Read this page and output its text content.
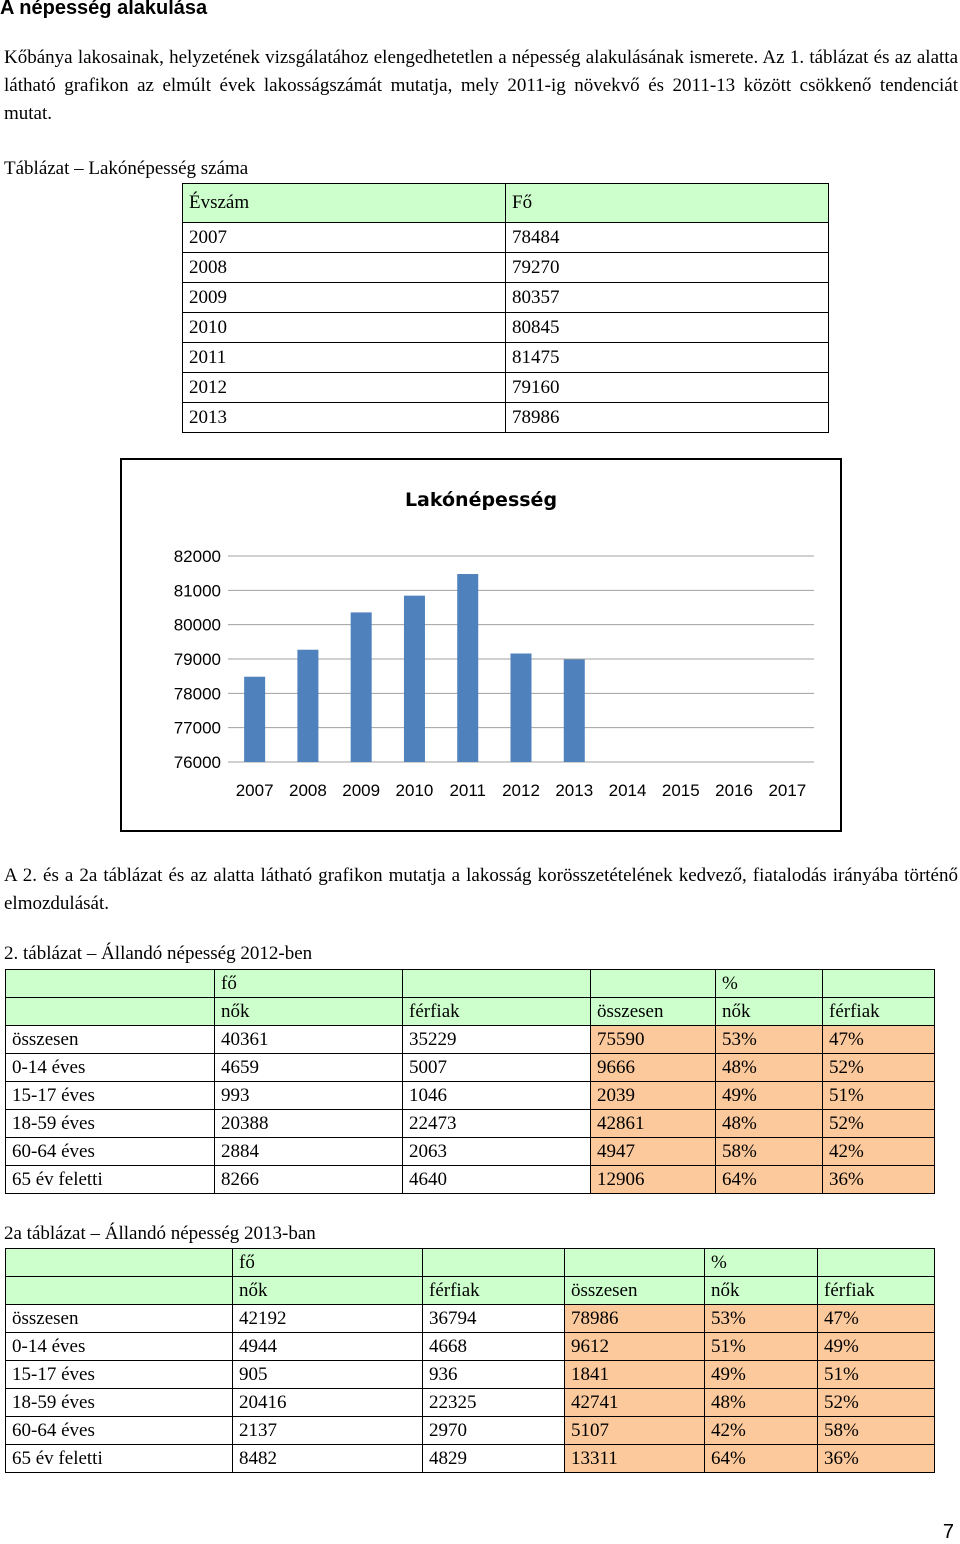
A népesség alakulása

Kőbánya lakosainak, helyzetének vizsgálatához elengedhetetlen a népesség alakulásának ismerete. Az 1. táblázat és az alatta látható grafikon az elmúlt évek lakosságszámát mutatja, mely 2011-ig növekvő és 2011-13 között csökkenő tendenciát mutat.

Táblázat – Lakónépesség száma
Évszám	Fő
2007	78484
2008	79270
2009	80357
2010	80845
2011	81475
2012	79160
2013	78986
Lakónépesség
82000
81000
80000
79000
78000
77000
76000
2007 2008 2009 2010 2011 2012 2013 2014 2015 2016 2017

A 2. és a 2a táblázat és az alatta látható grafikon mutatja a lakosság korösszetételének kedvező, fiatalodás irányába történő elmozdulását.

2. táblázat – Állandó népesség 2012-ben
	fő			%	
	nők	férfiak	összesen	nők	férfiak
összesen	40361	35229	75590	53%	47%
0-14 éves	4659	5007	9666	48%	52%
15-17 éves	993	1046	2039	49%	51%
18-59 éves	20388	22473	42861	48%	52%
60-64 éves	2884	2063	4947	58%	42%
65 év feletti	8266	4640	12906	64%	36%
2a táblázat – Állandó népesség 2013-ban
	fő			%	
	nők	férfiak	összesen	nők	férfiak
összesen	42192	36794	78986	53%	47%
0-14 éves	4944	4668	9612	51%	49%
15-17 éves	905	936	1841	49%	51%
18-59 éves	20416	22325	42741	48%	52%
60-64 éves	2137	2970	5107	42%	58%
65 év feletti	8482	4829	13311	64%	36%
7
